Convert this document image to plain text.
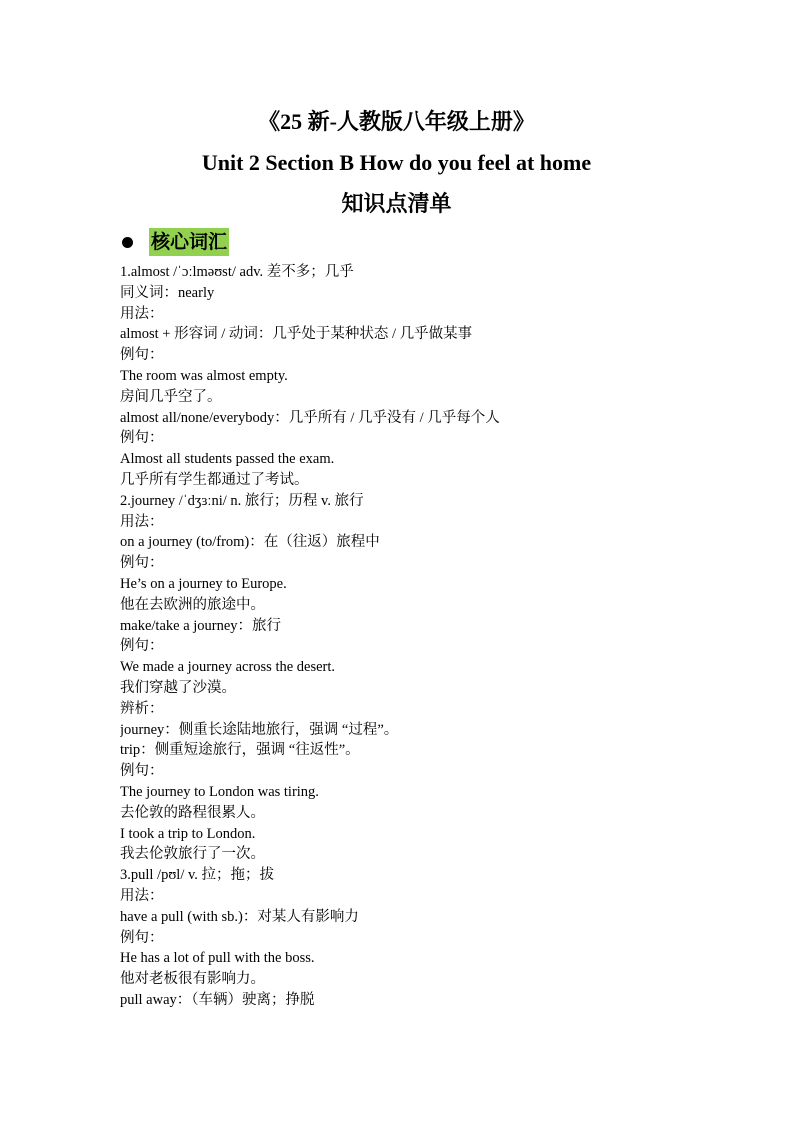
《25 新-人教版八年级上册》
Unit 2 Section B How do you feel at home
知识点清单
核心词汇
1.almost /ˈɔːlməʊst/ adv. 差不多；几乎
同义词：nearly
用法：
almost + 形容词 / 动词：几乎处于某种状态 / 几乎做某事
例句：
The room was almost empty.
房间几乎空了。
almost all/none/everybody：几乎所有 / 几乎没有 / 几乎每个人
例句：
Almost all students passed the exam.
几乎所有学生都通过了考试。
2.journey /ˈdʒɜːni/ n. 旅行；历程 v. 旅行
用法：
on a journey (to/from)：在（往返）旅程中
例句：
He’s on a journey to Europe.
他在去欧洲的旅途中。
make/take a journey：旅行
例句：
We made a journey across the desert.
我们穿越了沙漠。
辨析：
journey：侧重长途陆地旅行，强调 “过程”。
trip：侧重短途旅行，强调 “往返性”。
例句：
The journey to London was tiring.
去伦敦的路程很累人。
I took a trip to London.
我去伦敦旅行了一次。
3.pull /pʊl/ v. 拉；拖；拔
用法：
have a pull (with sb.)：对某人有影响力
例句：
He has a lot of pull with the boss.
他对老板很有影响力。
pull away：（车辆）驶离；挣脱
